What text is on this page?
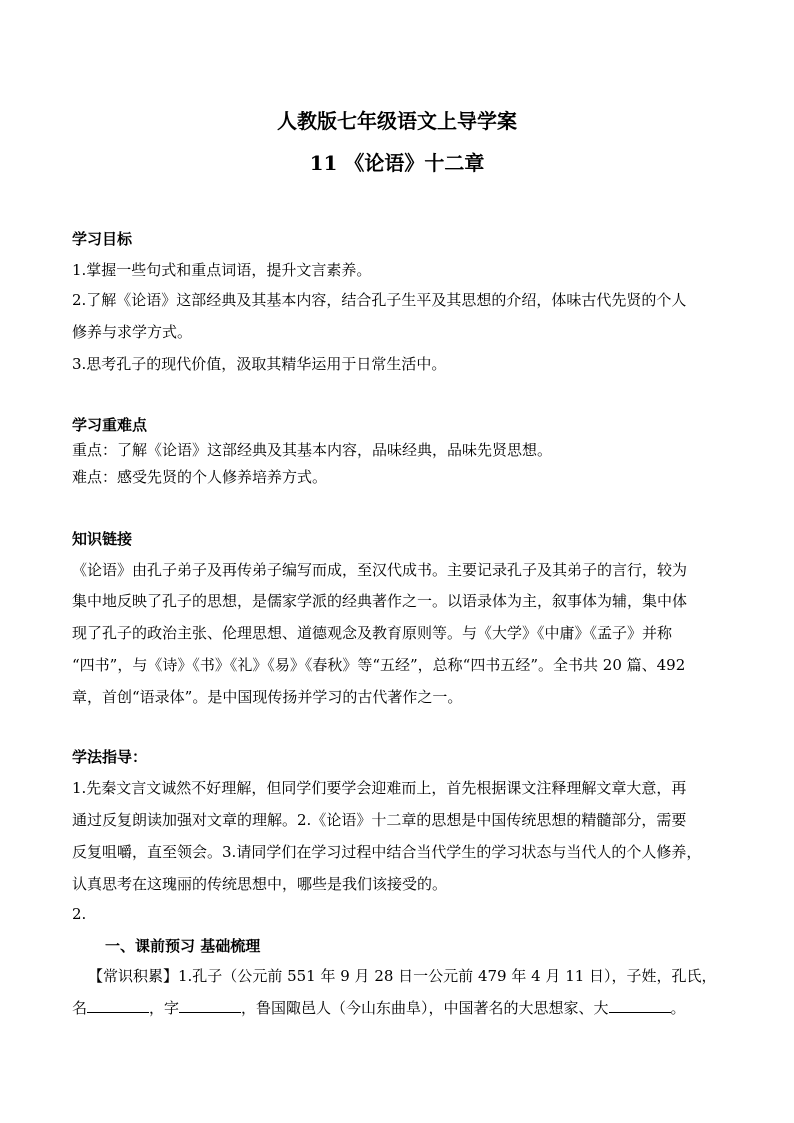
人教版七年级语文上导学案
11 《论语》十二章
学习目标
1.掌握一些句式和重点词语，提升文言素养。
2.了解《论语》这部经典及其基本内容，结合孔子生平及其思想的介绍，体味古代先贤的个人
修养与求学方式。
3.思考孔子的现代价值，汲取其精华运用于日常生活中。
学习重难点
重点：了解《论语》这部经典及其基本内容，品味经典，品味先贤思想。
难点：感受先贤的个人修养培养方式。
知识链接
《论语》由孔子弟子及再传弟子编写而成，至汉代成书。主要记录孔子及其弟子的言行，较为
集中地反映了孔子的思想，是儒家学派的经典著作之一。以语录体为主，叙事体为辅，集中体
现了孔子的政治主张、伦理思想、道德观念及教育原则等。与《大学》《中庸》《孟子》并称
“四书”，与《诗》《书》《礼》《易》《春秋》等“五经”，总称“四书五经”。全书共 20 篇、492
章，首创“语录体”。是中国现传扬并学习的古代著作之一。
学法指导：
1.先秦文言文诚然不好理解，但同学们要学会迎难而上，首先根据课文注释理解文章大意，再
通过反复朗读加强对文章的理解。2.《论语》十二章的思想是中国传统思想的精髓部分，需要
反复咀嚼，直至领会。3.请同学们在学习过程中结合当代学生的学习状态与当代人的个人修养，
认真思考在这瑰丽的传统思想中，哪些是我们该接受的。
2.
一、课前预习 基础梳理
【常识积累】1.孔子（公元前 551 年 9 月 28 日一公元前 479 年 4 月 11 日），子姓，孔氏，
名	，字	，鲁国陬邑人（今山东曲阜），中国著名的大思想家、大	。
